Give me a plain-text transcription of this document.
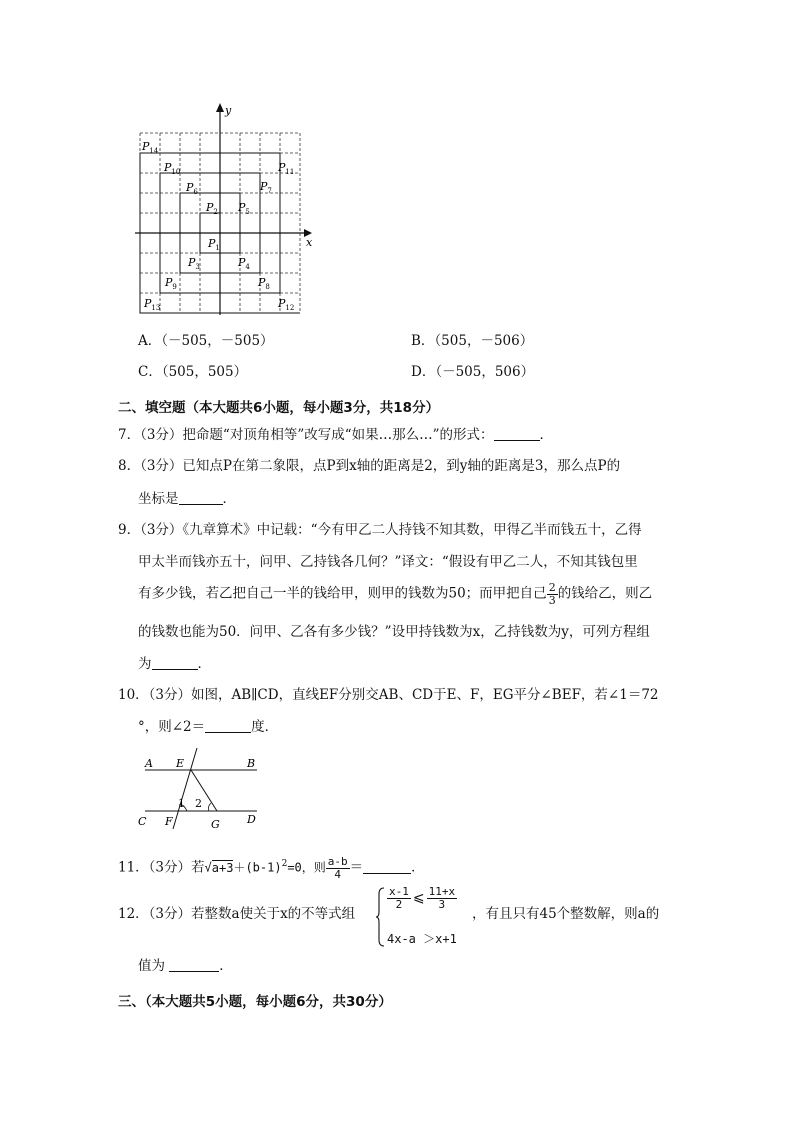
x
y
P1
P2
P3	P4
P5
P6	P7
P8
P9
P10	P11
P12
P13
P14
A．（－505，－505）	B．（505，－506）
C．（505，505）	D．（－505，506）
二、填空题（本大题共6小题，每小题3分，共18分）
7．（3分）把命题“对顶角相等”改写成“如果…那么…”的形式：	．
8．（3分）已知点P在第二象限，点P到x轴的距离是2，到y轴的距离是3，那么点P的
坐标是	．
9．（3分）《九章算术》中记载：“今有甲乙二人持钱不知其数，甲得乙半而钱五十，乙得
甲太半而钱亦五十，问甲、乙持钱各几何？”译文：“假设有甲乙二人，不知其钱包里
有多少钱，若乙把自己一半的钱给甲，则甲的钱数为50；而甲把自己 $\frac{2}{3}$ 的钱给乙，则乙
的钱数也能为50．问甲、乙各有多少钱？”设甲持钱数为x，乙持钱数为y，可列方程组
为	．
10．（3分）如图，AB∥CD，直线EF分别交AB、CD于E、F，EG平分∠BEF，若∠1＝72
°，则∠2＝	度．
A E	B
C F	G D
1 2
11．（3分）若$√a+3+(b-1)^2=0$，则 $\frac{a-b}{4}$ ＝	．
12．（3分）若整数a使关于x的不等式组
$\frac{x-1}{2}$ ⩽ $\frac{11+x}{3}$
4x-a ＞x+1
，有且只有45个整数解，则a的
值为	．
三、（本大题共5小题，每小题6分，共30分）
